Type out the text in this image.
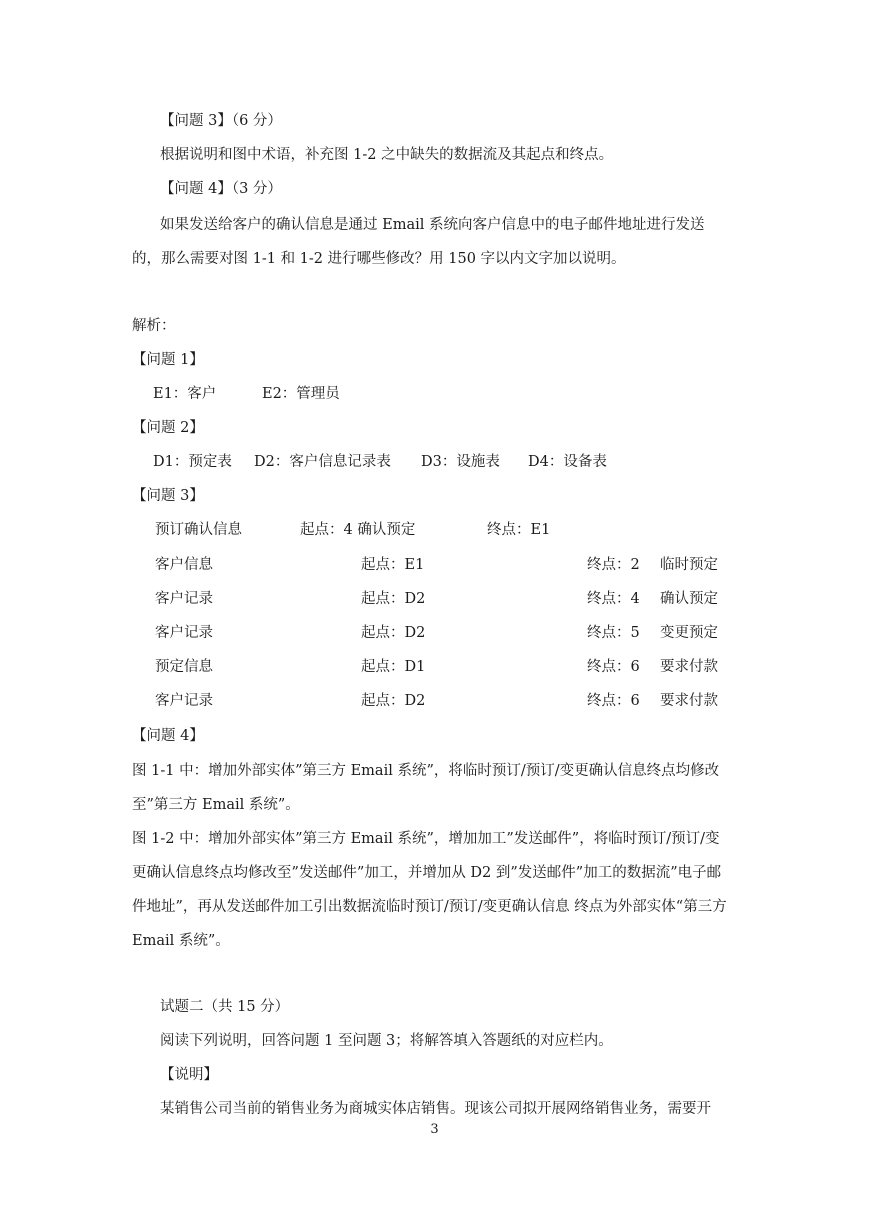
【问题 3】（6 分）
根据说明和图中术语，补充图 1-2 之中缺失的数据流及其起点和终点。
【问题 4】（3 分）
如果发送给客户的确认信息是通过 Email 系统向客户信息中的电子邮件地址进行发送的，那么需要对图 1-1 和 1-2 进行哪些修改？用 150 字以内文字加以说明。
解析：
【问题 1】
E1：客户	E2：管理员
【问题 2】
D1：预定表 D2：客户信息记录表 D3：设施表 D4：设备表
【问题 3】
预订确认信息	起点：4 确认预定	终点：E1
客户信息	起点：E1	终点：2 临时预定
客户记录	起点：D2	终点：4 确认预定
客户记录	起点：D2	终点：5 变更预定
预定信息	起点：D1	终点：6 要求付款
客户记录	起点：D2	终点：6 要求付款
【问题 4】
图 1-1 中：增加外部实体”第三方 Email 系统”，将临时预订/预订/变更确认信息终点均修改至”第三方 Email 系统”。
图 1-2 中：增加外部实体”第三方 Email 系统”，增加加工”发送邮件”，将临时预订/预订/变更确认信息终点均修改至”发送邮件”加工，并增加从 D2 到”发送邮件”加工的数据流”电子邮件地址”，再从发送邮件加工引出数据流临时预订/预订/变更确认信息 终点为外部实体“第三方 Email 系统”。
试题二（共 15 分）
阅读下列说明，回答问题 1 至问题 3；将解答填入答题纸的对应栏内。
【说明】
某销售公司当前的销售业务为商城实体店销售。现该公司拟开展网络销售业务，需要开
3
